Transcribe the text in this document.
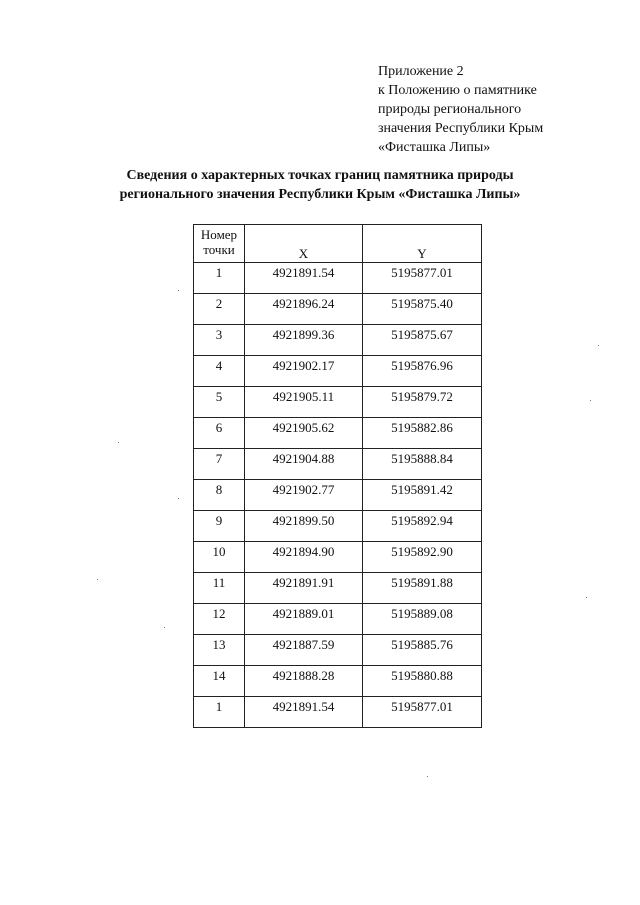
Приложение 2
к Положению о памятнике
природы регионального
значения Республики Крым
«Фисташка Липы»
Сведения о характерных точках границ памятника природы
регионального значения Республики Крым «Фисташка Липы»
Номер
точки	X	Y
1	4921891.54	5195877.01
2	4921896.24	5195875.40
3	4921899.36	5195875.67
4	4921902.17	5195876.96
5	4921905.11	5195879.72
6	4921905.62	5195882.86
7	4921904.88	5195888.84
8	4921902.77	5195891.42
9	4921899.50	5195892.94
10	4921894.90	5195892.90
11	4921891.91	5195891.88
12	4921889.01	5195889.08
13	4921887.59	5195885.76
14	4921888.28	5195880.88
1	4921891.54	5195877.01
